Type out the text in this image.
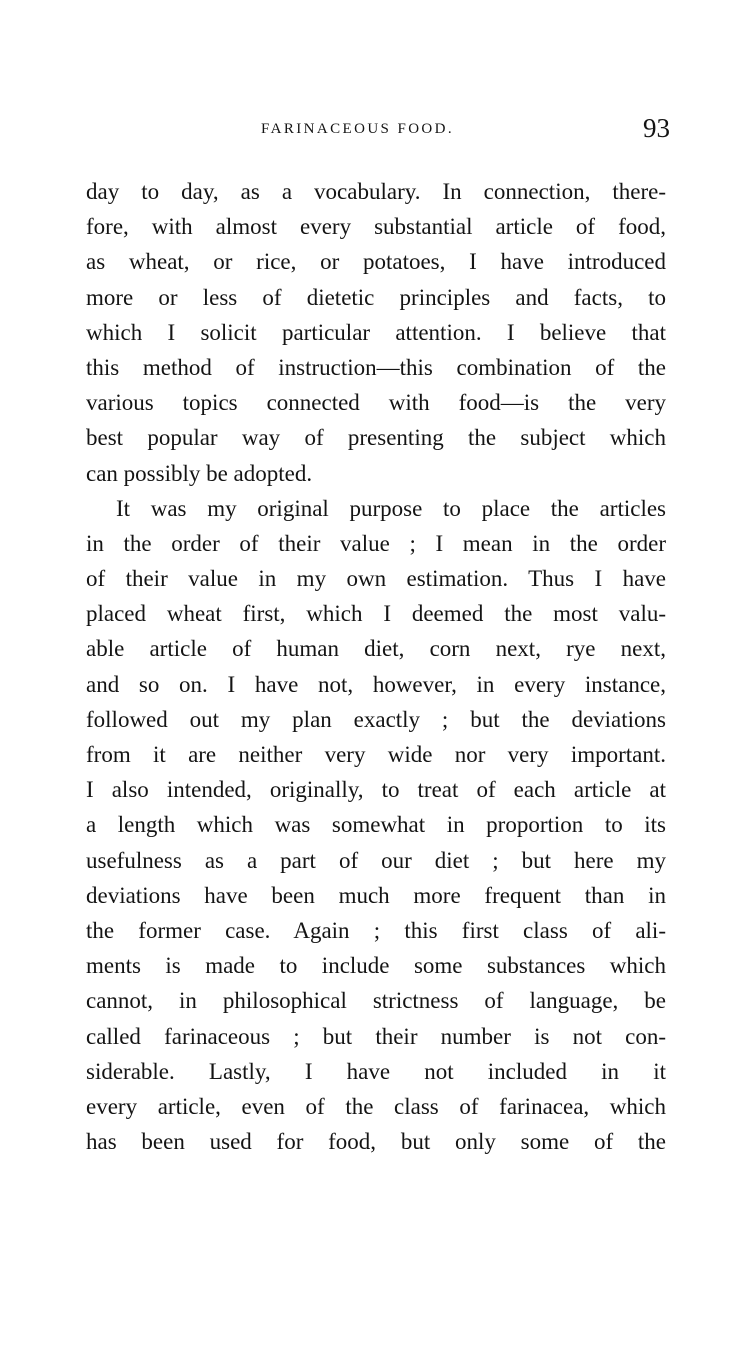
FARINACEOUS FOOD.	93
day to day, as a vocabulary. In connection, there-
fore, with almost every substantial article of food,
as wheat, or rice, or potatoes, I have introduced
more or less of dietetic principles and facts, to
which I solicit particular attention. I believe that
this method of instruction—this combination of the
various topics connected with food—is the very
best popular way of presenting the subject which
can possibly be adopted.
It was my original purpose to place the articles
in the order of their value ; I mean in the order
of their value in my own estimation. Thus I have
placed wheat first, which I deemed the most valu-
able article of human diet, corn next, rye next,
and so on. I have not, however, in every instance,
followed out my plan exactly ; but the deviations
from it are neither very wide nor very important.
I also intended, originally, to treat of each article at
a length which was somewhat in proportion to its
usefulness as a part of our diet ; but here my
deviations have been much more frequent than in
the former case. Again ; this first class of ali-
ments is made to include some substances which
cannot, in philosophical strictness of language, be
called farinaceous ; but their number is not con-
siderable. Lastly, I have not included in it
every article, even of the class of farinacea, which
has been used for food, but only some of the
